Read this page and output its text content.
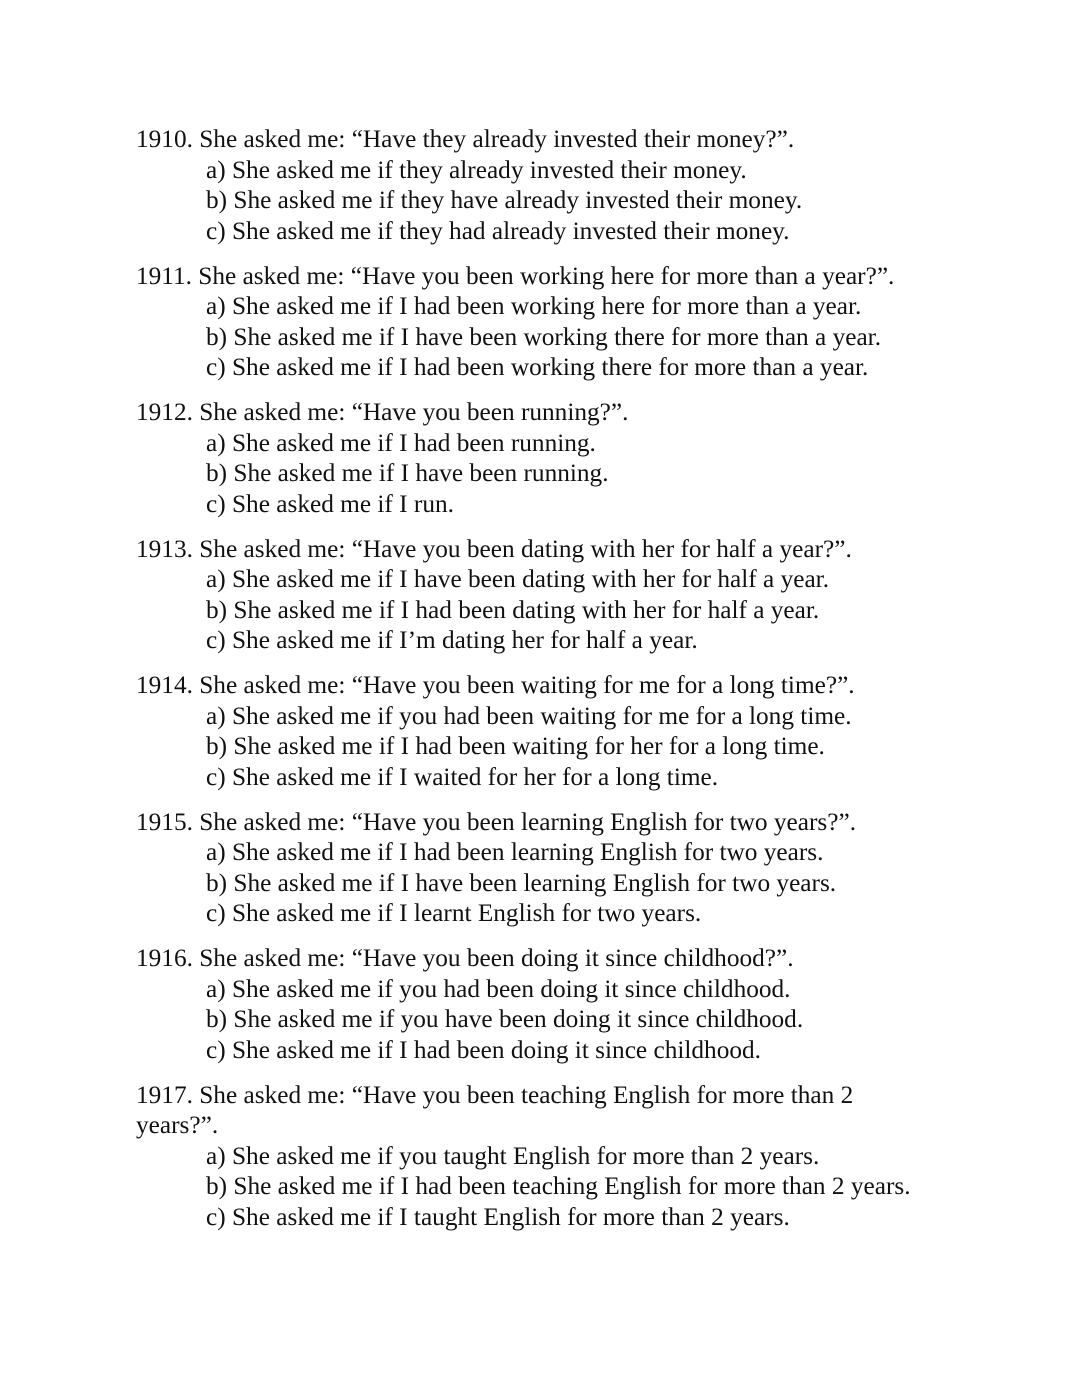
1910. She asked me: “Have they already invested their money?”.

a) She asked me if they already invested their money.
b) She asked me if they have already invested their money.
c) She asked me if they had already invested their money.

1911. She asked me: “Have you been working here for more than a year?”.

a) She asked me if I had been working here for more than a year.
b) She asked me if I have been working there for more than a year.
c) She asked me if I had been working there for more than a year.

1912. She asked me: “Have you been running?”.

a) She asked me if I had been running.
b) She asked me if I have been running.
c) She asked me if I run.

1913. She asked me: “Have you been dating with her for half a year?”.

a) She asked me if I have been dating with her for half a year.
b) She asked me if I had been dating with her for half a year.
c) She asked me if I’m dating her for half a year.

1914. She asked me: “Have you been waiting for me for a long time?”.

a) She asked me if you had been waiting for me for a long time.
b) She asked me if I had been waiting for her for a long time.
c) She asked me if I waited for her for a long time.

1915. She asked me: “Have you been learning English for two years?”.

a) She asked me if I had been learning English for two years.
b) She asked me if I have been learning English for two years.
c) She asked me if I learnt English for two years.

1916. She asked me: “Have you been doing it since childhood?”.

a) She asked me if you had been doing it since childhood.
b) She asked me if you have been doing it since childhood.
c) She asked me if I had been doing it since childhood.

1917. She asked me: “Have you been teaching English for more than 2 years?”.

a) She asked me if you taught English for more than 2 years.
b) She asked me if I had been teaching English for more than 2 years.
c) She asked me if I taught English for more than 2 years.
